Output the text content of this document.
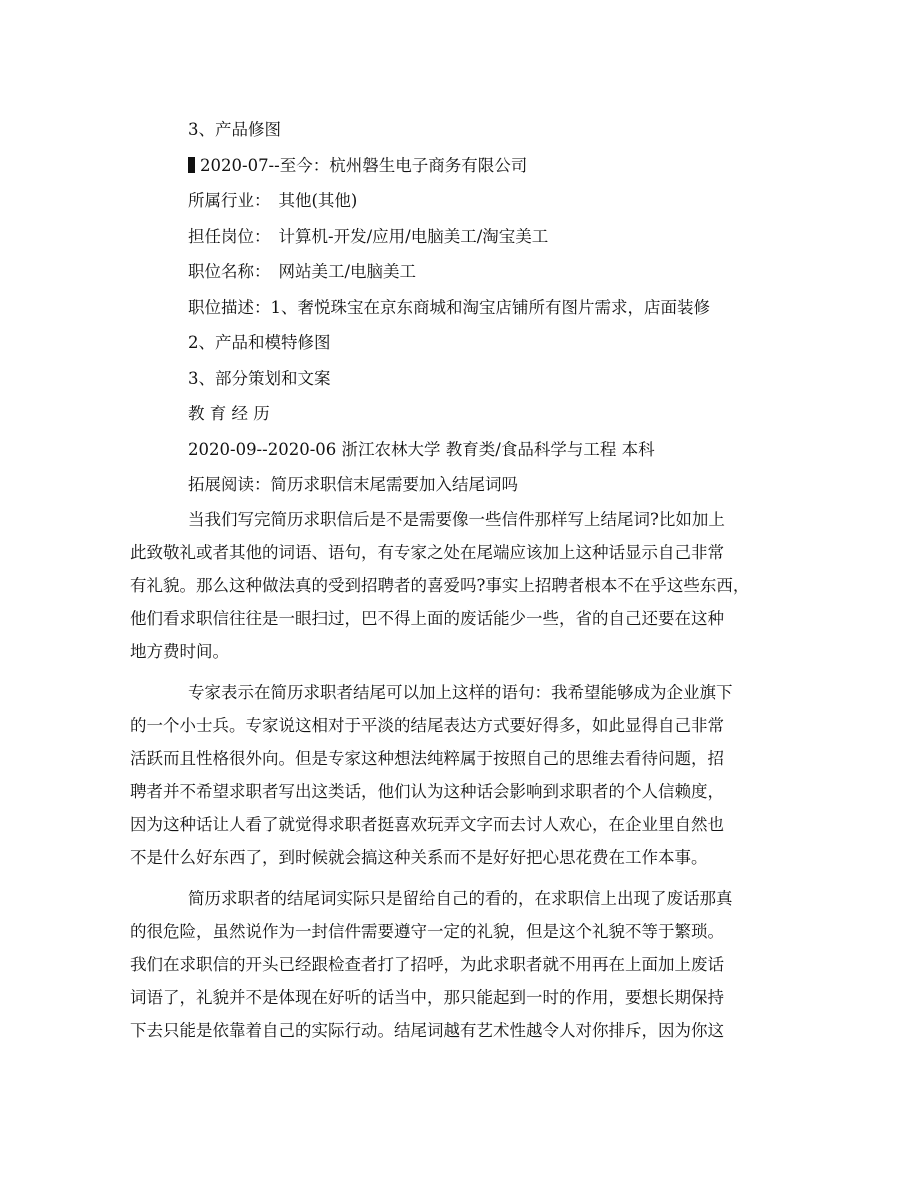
3、产品修图
2020-07--至今：杭州磐生电子商务有限公司
所属行业： 其他(其他)
担任岗位： 计算机-开发/应用/电脑美工/淘宝美工
职位名称： 网站美工/电脑美工
职位描述：1、奢悦珠宝在京东商城和淘宝店铺所有图片需求，店面装修
2、产品和模特修图
3、部分策划和文案
教 育 经 历
2020-09--2020-06 浙江农林大学 教育类/食品科学与工程 本科
拓展阅读：简历求职信末尾需要加入结尾词吗
当我们写完简历求职信后是不是需要像一些信件那样写上结尾词?比如加上
此致敬礼或者其他的词语、语句，有专家之处在尾端应该加上这种话显示自己非常
有礼貌。那么这种做法真的受到招聘者的喜爱吗?事实上招聘者根本不在乎这些东西，
他们看求职信往往是一眼扫过，巴不得上面的废话能少一些，省的自己还要在这种
地方费时间。
专家表示在简历求职者结尾可以加上这样的语句：我希望能够成为企业旗下
的一个小士兵。专家说这相对于平淡的结尾表达方式要好得多，如此显得自己非常
活跃而且性格很外向。但是专家这种想法纯粹属于按照自己的思维去看待问题，招
聘者并不希望求职者写出这类话，他们认为这种话会影响到求职者的个人信赖度，
因为这种话让人看了就觉得求职者挺喜欢玩弄文字而去讨人欢心，在企业里自然也
不是什么好东西了，到时候就会搞这种关系而不是好好把心思花费在工作本事。
简历求职者的结尾词实际只是留给自己的看的，在求职信上出现了废话那真
的很危险，虽然说作为一封信件需要遵守一定的礼貌，但是这个礼貌不等于繁琐。
我们在求职信的开头已经跟检查者打了招呼，为此求职者就不用再在上面加上废话
词语了，礼貌并不是体现在好听的话当中，那只能起到一时的作用，要想长期保持
下去只能是依靠着自己的实际行动。结尾词越有艺术性越令人对你排斥，因为你这
